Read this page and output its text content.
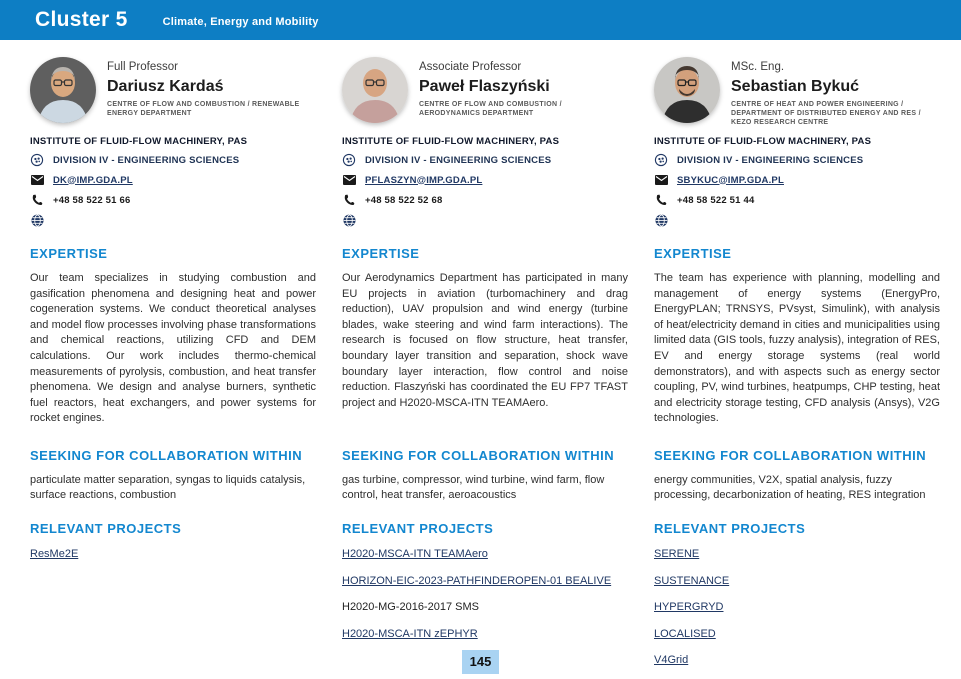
Cluster 5	Climate, Energy and Mobility
Full Professor
Dariusz Kardaś
CENTRE OF FLOW AND COMBUSTION / RENEWABLE ENERGY DEPARTMENT
INSTITUTE OF FLUID-FLOW MACHINERY, PAS
DIVISION IV - ENGINEERING SCIENCES
DK@IMP.GDA.PL
+48 58 522 51 66
EXPERTISE
Our team specializes in studying combustion and gasification phenomena and designing heat and power cogeneration systems. We conduct theoretical analyses and model flow processes involving phase transformations and chemical reactions, utilizing CFD and DEM calculations. Our work includes thermo-chemical measurements of pyrolysis, combustion, and heat transfer phenomena. We design and analyse burners, synthetic fuel reactors, heat exchangers, and power systems for rocket engines.
SEEKING FOR COLLABORATION WITHIN
particulate matter separation, syngas to liquids catalysis, surface reactions, combustion
RELEVANT PROJECTS
ResMe2E
Associate Professor
Paweł Flaszyński
CENTRE OF FLOW AND COMBUSTION / AERODYNAMICS DEPARTMENT
INSTITUTE OF FLUID-FLOW MACHINERY, PAS
DIVISION IV - ENGINEERING SCIENCES
PFLASZYN@IMP.GDA.PL
+48 58 522 52 68
EXPERTISE
Our Aerodynamics Department has participated in many EU projects in aviation (turbomachinery and drag reduction), UAV propulsion and wind energy (turbine blades, wake steering and wind farm interactions). The research is focused on flow structure, heat transfer, boundary layer transition and separation, shock wave boundary layer interaction, flow control and noise reduction. Flaszyński has coordinated the EU FP7 TFAST project and H2020-MSCA-ITN TEAMAero.
SEEKING FOR COLLABORATION WITHIN
gas turbine, compressor, wind turbine, wind farm, flow control, heat transfer, aeroacoustics
RELEVANT PROJECTS
H2020-MSCA-ITN TEAMAero
HORIZON-EIC-2023-PATHFINDEROPEN-01 BEALIVE
H2020-MG-2016-2017 SMS
H2020-MSCA-ITN zEPHYR
MSc. Eng.
Sebastian Bykuć
CENTRE OF HEAT AND POWER ENGINEERING / DEPARTMENT OF DISTRIBUTED ENERGY AND RES / KEZO RESEARCH CENTRE
INSTITUTE OF FLUID-FLOW MACHINERY, PAS
DIVISION IV - ENGINEERING SCIENCES
SBYKUC@IMP.GDA.PL
+48 58 522 51 44
EXPERTISE
The team has experience with planning, modelling and management of energy systems (EnergyPro, EnergyPLAN; TRNSYS, PVsyst, Simulink), with analysis of heat/electricity demand in cities and municipalities using limited data (GIS tools, fuzzy analysis), integration of RES, EV and energy storage systems (real world demonstrators), and with aspects such as energy sector coupling, PV, wind turbines, heatpumps, CHP testing, heat and electricity storage testing, CFD analysis (Ansys), V2G technologies.
SEEKING FOR COLLABORATION WITHIN
energy communities, V2X, spatial analysis, fuzzy processing, decarbonization of heating, RES integration
RELEVANT PROJECTS
SERENE
SUSTENANCE
HYPERGRYD
LOCALISED
V4Grid
145
